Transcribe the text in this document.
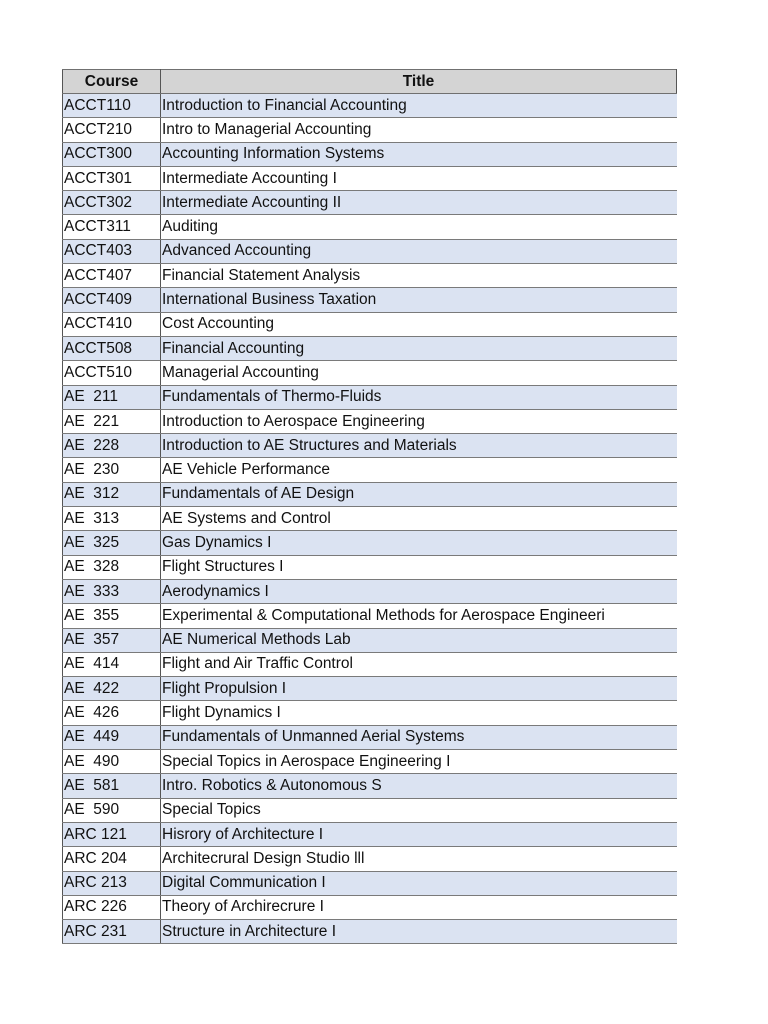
Course	Title
ACCT110	Introduction to Financial Accounting
ACCT210	Intro to Managerial Accounting
ACCT300	Accounting Information Systems
ACCT301	Intermediate Accounting I
ACCT302	Intermediate Accounting II
ACCT311	Auditing
ACCT403	Advanced Accounting
ACCT407	Financial Statement Analysis
ACCT409	International Business Taxation
ACCT410	Cost Accounting
ACCT508	Financial Accounting
ACCT510	Managerial Accounting
AE  211	Fundamentals of Thermo-Fluids
AE  221	Introduction to Aerospace Engineering
AE  228	Introduction to AE Structures and Materials
AE  230	AE Vehicle Performance
AE  312	Fundamentals of AE Design
AE  313	AE Systems and Control
AE  325	Gas Dynamics I
AE  328	Flight Structures I
AE  333	Aerodynamics I
AE  355	Experimental & Computational Methods for Aerospace Engineeri
AE  357	AE Numerical Methods Lab
AE  414	Flight and Air Traffic Control
AE  422	Flight Propulsion I
AE  426	Flight Dynamics I
AE  449	Fundamentals of Unmanned Aerial Systems
AE  490	Special Topics in Aerospace Engineering I
AE  581	Intro. Robotics & Autonomous S
AE  590	Special Topics
ARC 121	Hisrory of Architecture I
ARC 204	Architecrural Design Studio lll
ARC 213	Digital Communication I
ARC 226	Theory of Archirecrure I
ARC 231	Structure in Architecture I
